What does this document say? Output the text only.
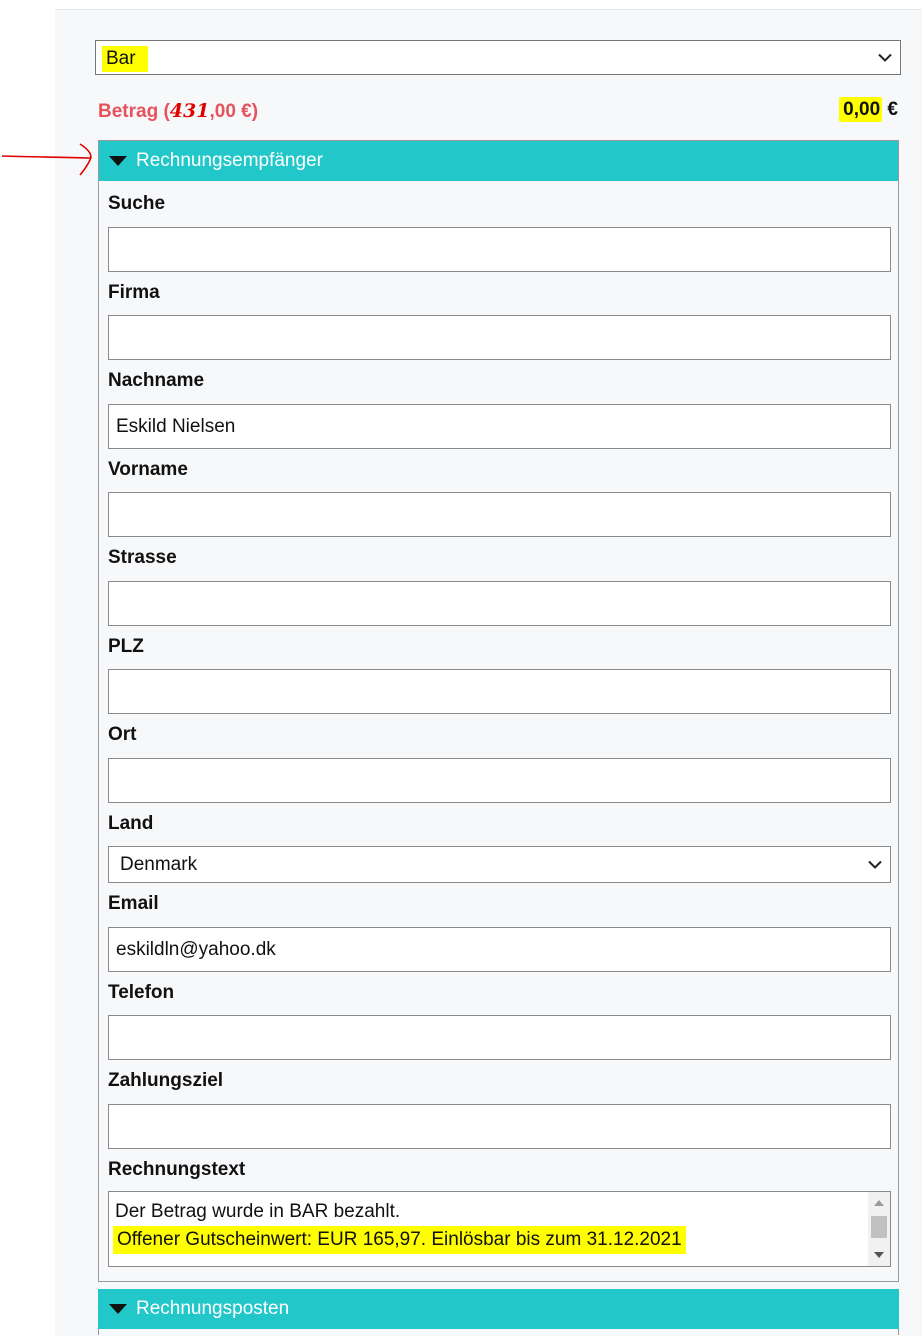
Bar
Betrag (431,00 €)	0,00 €
Rechnungsempfänger
Suche
Firma
Nachname
Eskild Nielsen
Vorname
Strasse
PLZ
Ort
Land
Denmark
Email
eskildln@yahoo.dk
Telefon
Zahlungsziel
Rechnungstext
Der Betrag wurde in BAR bezahlt.
Offener Gutscheinwert: EUR 165,97. Einlösbar bis zum 31.12.2021
Rechnungsposten
